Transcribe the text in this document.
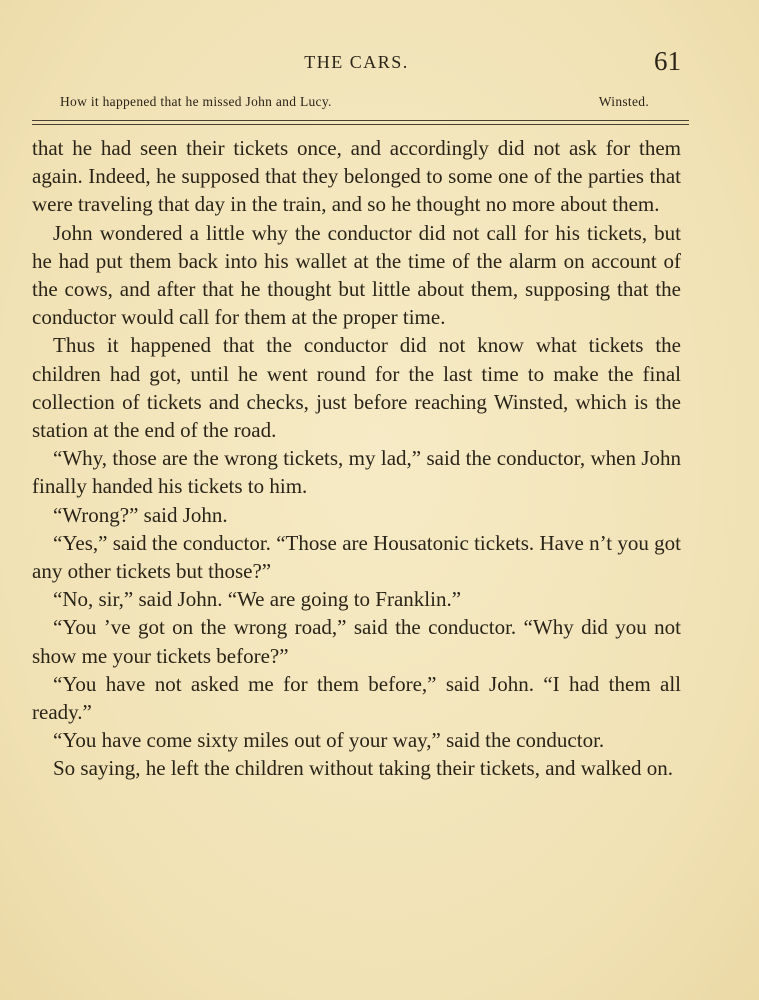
THE CARS.	61
How it happened that he missed John and Lucy.	Winsted.

that he had seen their tickets once, and accordingly did not ask for them again. Indeed, he supposed that they belonged to some one of the parties that were traveling that day in the train, and so he thought no more about them.

John wondered a little why the conductor did not call for his tickets, but he had put them back into his wallet at the time of the alarm on account of the cows, and after that he thought but little about them, supposing that the conductor would call for them at the proper time.

Thus it happened that the conductor did not know what tickets the children had got, until he went round for the last time to make the final collection of tickets and checks, just before reaching Winsted, which is the station at the end of the road.

“Why, those are the wrong tickets, my lad,” said the conductor, when John finally handed his tickets to him.

“Wrong?” said John.

“Yes,” said the conductor. “Those are Housatonic tickets. Have n’t you got any other tickets but those?”

“No, sir,” said John. “We are going to Franklin.”

“You ’ve got on the wrong road,” said the conductor. “Why did you not show me your tickets before?”

“You have not asked me for them before,” said John. “I had them all ready.”

“You have come sixty miles out of your way,” said the conductor.

So saying, he left the children without taking their tickets, and walked on.
